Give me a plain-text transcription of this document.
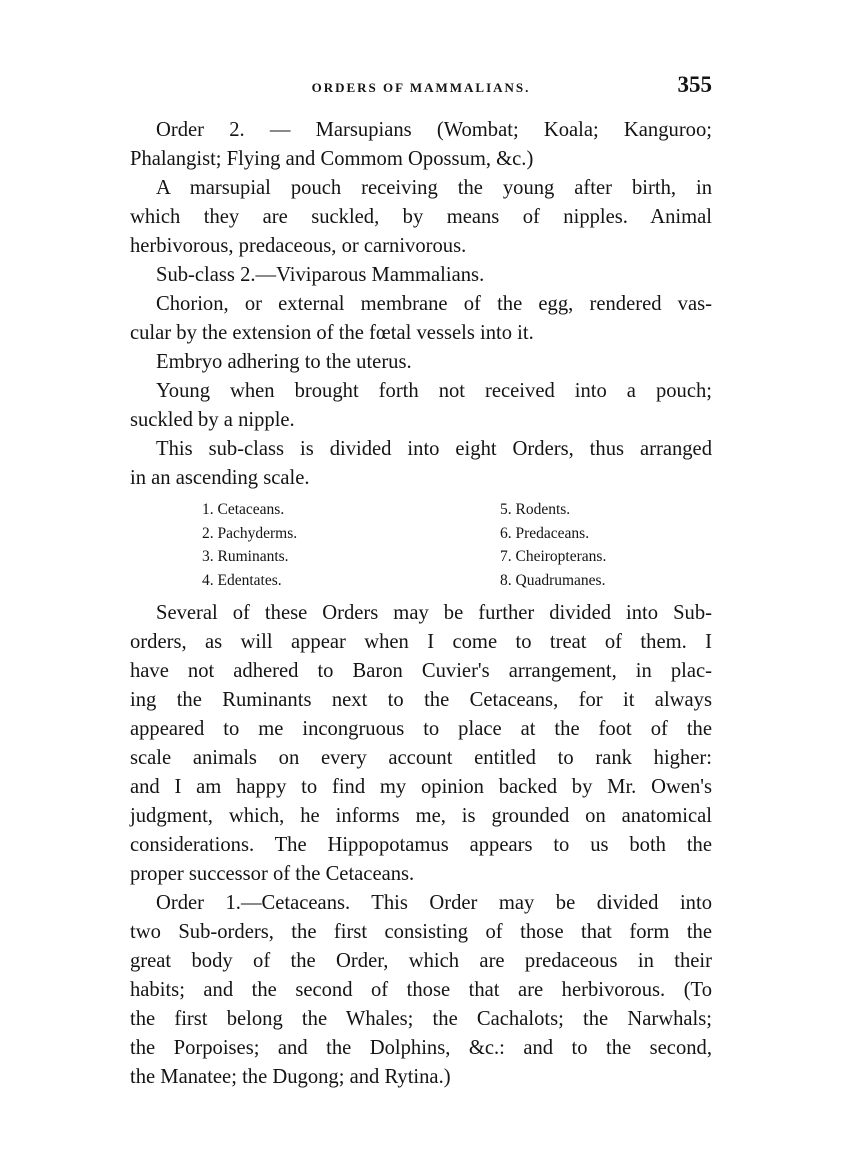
ORDERS OF MAMMALIANS.	355
Order 2. — Marsupians (Wombat; Koala; Kanguroo;
Phalangist; Flying and Commom Opossum, &c.)
A marsupial pouch receiving the young after birth, in
which they are suckled, by means of nipples. Animal
herbivorous, predaceous, or carnivorous.
Sub-class 2.—Viviparous Mammalians.
Chorion, or external membrane of the egg, rendered vas-
cular by the extension of the fœtal vessels into it.
Embryo adhering to the uterus.
Young when brought forth not received into a pouch;
suckled by a nipple.
This sub-class is divided into eight Orders, thus arranged
in an ascending scale.
1. Cetaceans.
2. Pachyderms.
3. Ruminants.
4. Edentates.
5. Rodents.
6. Predaceans.
7. Cheiropterans.
8. Quadrumanes.
Several of these Orders may be further divided into Sub-
orders, as will appear when I come to treat of them. I
have not adhered to Baron Cuvier's arrangement, in plac-
ing the Ruminants next to the Cetaceans, for it always
appeared to me incongruous to place at the foot of the
scale animals on every account entitled to rank higher:
and I am happy to find my opinion backed by Mr. Owen's
judgment, which, he informs me, is grounded on anatomical
considerations. The Hippopotamus appears to us both the
proper successor of the Cetaceans.
Order 1.—Cetaceans. This Order may be divided into
two Sub-orders, the first consisting of those that form the
great body of the Order, which are predaceous in their
habits; and the second of those that are herbivorous. (To
the first belong the Whales; the Cachalots; the Narwhals;
the Porpoises; and the Dolphins, &c.: and to the second,
the Manatee; the Dugong; and Rytina.)
